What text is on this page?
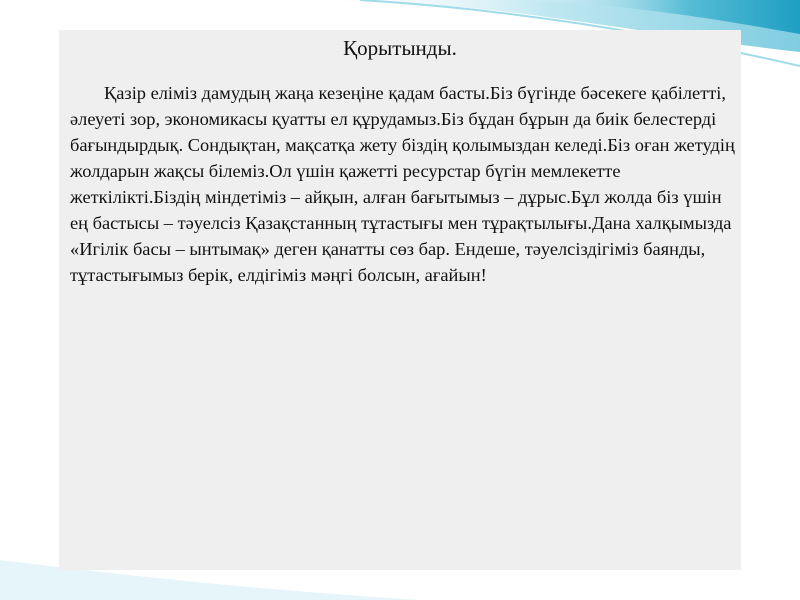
Қорытынды.

Қазір еліміз дамудың жаңа кезеңіне қадам басты.Біз бүгінде бәсекеге қабілетті, әлеуеті зор, экономикасы қуатты ел құрудамыз.Біз бұдан бұрын да биік белестерді бағындырдық. Сондықтан, мақсатқа жету біздің қолымыздан келеді.Біз оған жетудің жолдарын жақсы білеміз.Ол үшін қажетті ресурстар бүгін мемлекетте жеткілікті.Біздің міндетіміз – айқын, алған бағытымыз – дұрыс.Бұл жолда біз үшін ең бастысы – тәуелсіз Қазақстанның тұтастығы мен тұрақтылығы.Дана халқымызда «Игілік басы – ынтымақ» деген қанатты сөз бар. Ендеше, тәуелсіздігіміз баянды, тұтастығымыз берік, елдігіміз мәңгі болсын, ағайын!
